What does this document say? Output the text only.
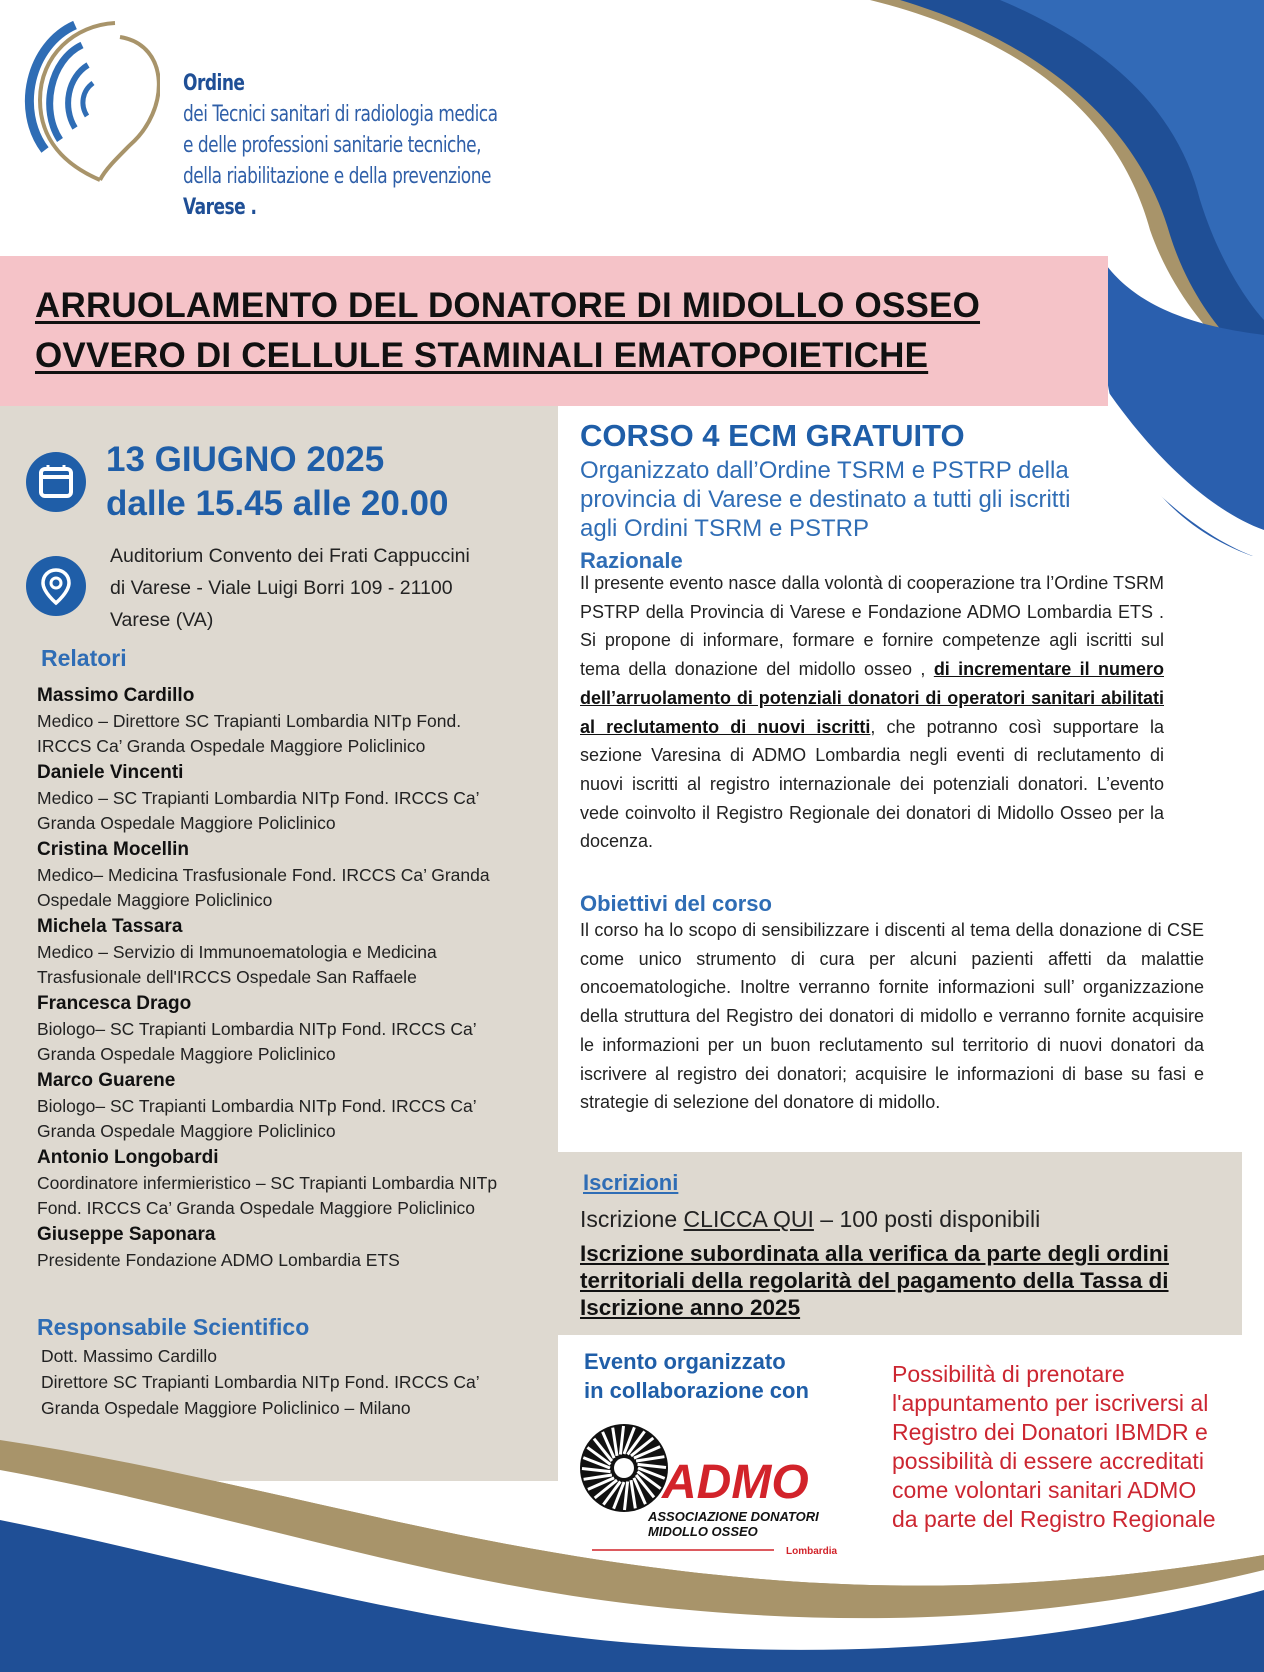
Ordine
dei Tecnici sanitari di radiologia medica
e delle professioni sanitarie tecniche,
della riabilitazione e della prevenzione
Varese .
ARRUOLAMENTO DEL DONATORE DI MIDOLLO OSSEO
OVVERO DI CELLULE STAMINALI EMATOPOIETICHE
13 GIUGNO 2025
dalle 15.45 alle 20.00
Auditorium Convento dei Frati Cappuccini
di Varese - Viale Luigi Borri 109 - 21100
Varese (VA)
Relatori
Massimo Cardillo
Medico – Direttore SC Trapianti Lombardia NITp Fond.
IRCCS Ca’ Granda Ospedale Maggiore Policlinico
Daniele Vincenti
Medico – SC Trapianti Lombardia NITp Fond. IRCCS Ca’
Granda Ospedale Maggiore Policlinico
Cristina Mocellin
Medico– Medicina Trasfusionale Fond. IRCCS Ca’ Granda
Ospedale Maggiore Policlinico
Michela Tassara
Medico – Servizio di Immunoematologia e Medicina
Trasfusionale dell'IRCCS Ospedale San Raffaele
Francesca Drago
Biologo– SC Trapianti Lombardia NITp Fond. IRCCS Ca’
Granda Ospedale Maggiore Policlinico
Marco Guarene
Biologo– SC Trapianti Lombardia NITp Fond. IRCCS Ca’
Granda Ospedale Maggiore Policlinico
Antonio Longobardi
Coordinatore infermieristico – SC Trapianti Lombardia NITp
Fond. IRCCS Ca’ Granda Ospedale Maggiore Policlinico
Giuseppe Saponara
Presidente Fondazione ADMO Lombardia ETS
Responsabile Scientifico
Dott. Massimo Cardillo
Direttore SC Trapianti Lombardia NITp Fond. IRCCS Ca’
Granda Ospedale Maggiore Policlinico – Milano
CORSO 4 ECM GRATUITO
Organizzato dall’Ordine TSRM e PSTRP della provincia di Varese e destinato a tutti gli iscritti agli Ordini TSRM e PSTRP
Razionale
Il presente evento nasce dalla volontà di cooperazione tra l’Ordine TSRM PSTRP della Provincia di Varese e Fondazione ADMO Lombardia ETS . Si propone di informare, formare e fornire competenze agli iscritti sul tema della donazione del midollo osseo , di incrementare il numero dell’arruolamento di potenziali donatori di operatori sanitari abilitati al reclutamento di nuovi iscritti, che potranno così supportare la sezione Varesina di ADMO Lombardia negli eventi di reclutamento di nuovi iscritti al registro internazionale dei potenziali donatori. L’evento vede coinvolto il Registro Regionale dei donatori di Midollo Osseo per la docenza.
Obiettivi del corso
Il corso ha lo scopo di sensibilizzare i discenti al tema della donazione di CSE come unico strumento di cura per alcuni pazienti affetti da malattie oncoematologiche. Inoltre verranno fornite informazioni sull’ organizzazione della struttura del Registro dei donatori di midollo e verranno fornite acquisire le informazioni per un buon reclutamento sul territorio di nuovi donatori da iscrivere al registro dei donatori; acquisire le informazioni di base su fasi e strategie di selezione del donatore di midollo.
Iscrizioni
Iscrizione CLICCA QUI – 100 posti disponibili
Iscrizione subordinata alla verifica da parte degli ordini territoriali della regolarità del pagamento della Tassa di Iscrizione anno 2025
Evento organizzato
in collaborazione con
ADMO
ASSOCIAZIONE DONATORI
MIDOLLO OSSEO
Lombardia
Possibilità di prenotare l'appuntamento per iscriversi al Registro dei Donatori IBMDR e possibilità di essere accreditati come volontari sanitari ADMO da parte del Registro Regionale
